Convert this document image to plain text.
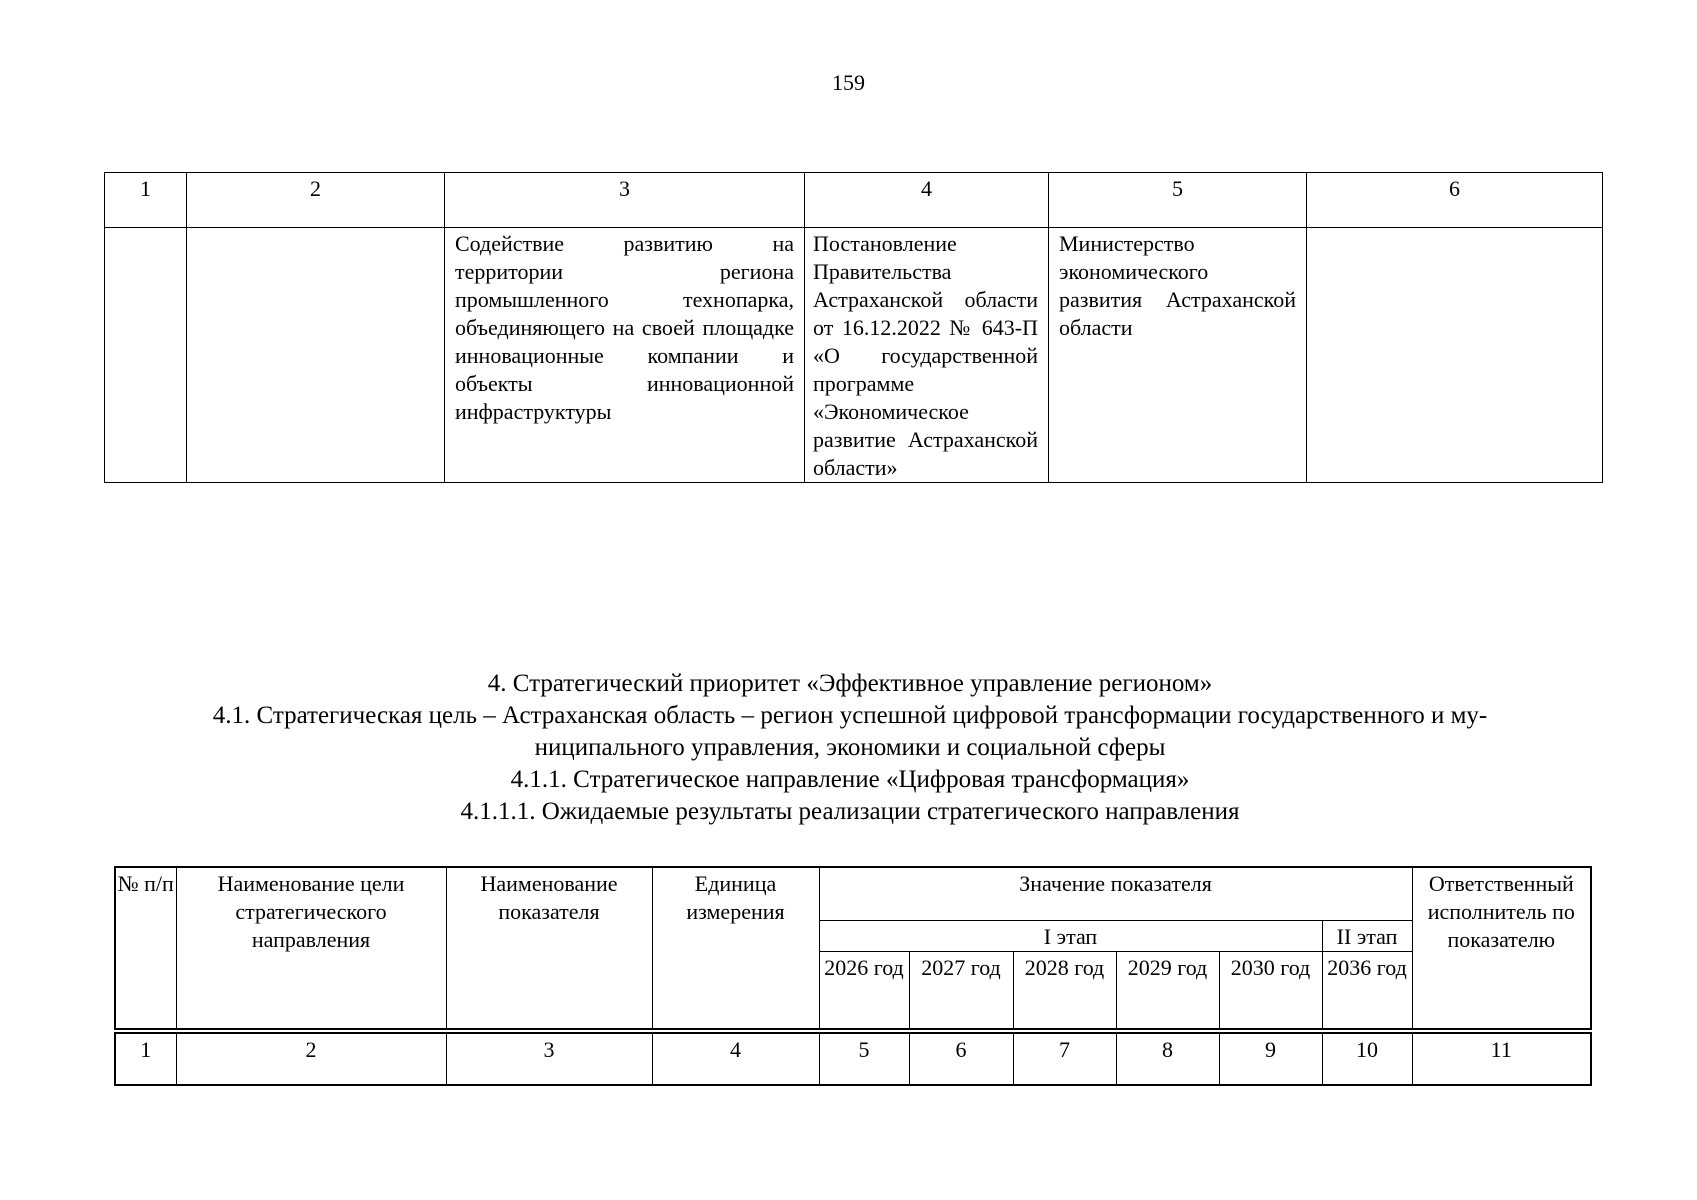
159
1	2	3	4	5	6
		Содействие развитию на территории региона промышленного технопарка, объединяющего на своей площадке инновационные компании и объекты инновационной инфраструктуры	Постановление Правительства Астраханской области от 16.12.2022 № 643-П «О государственной программе «Экономическое развитие Астраханской области»	Министерство экономического развития Астраханской области	
4. Стратегический приоритет «Эффективное управление регионом»
4.1. Стратегическая цель – Астраханская область – регион успешной цифровой трансформации государственного и му-
ниципального управления, экономики и социальной сферы
4.1.1. Стратегическое направление «Цифровая трансформация»
4.1.1.1. Ожидаемые результаты реализации стратегического направления
№ п/п	Наименование цели стратегического направления	Наименование показателя	Единица измерения	Значение показателя						Ответственный исполнитель по показателю
				I этап					II этап	
				2026 год	2027 год	2028 год	2029 год	2030 год	2036 год	
1	2	3	4	5	6	7	8	9	10	11
